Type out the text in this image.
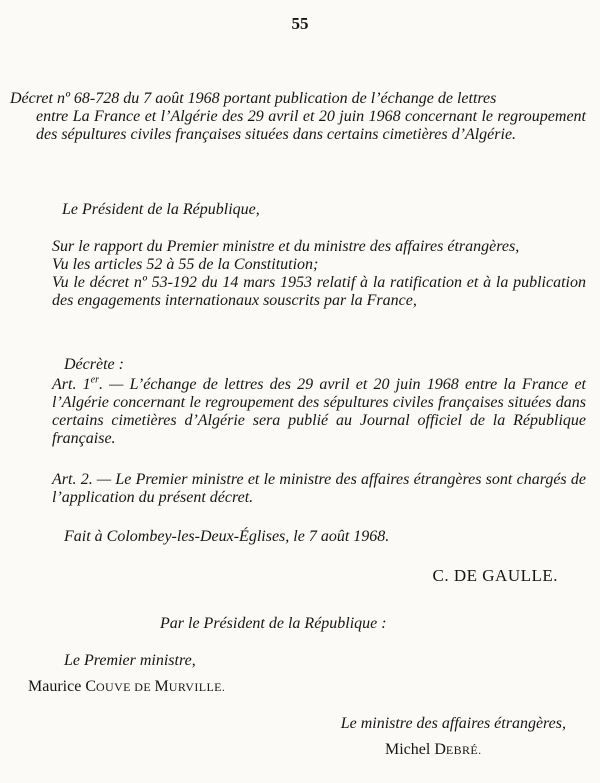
55
Décret nº 68-728 du 7 août 1968 portant publication de l’échange de lettres
entre La France et l’Algérie des 29 avril et 20 juin 1968 concernant le regroupement des sépultures civiles françaises situées dans certains cimetières d’Algérie.
Le Président de la République,
Sur le rapport du Premier ministre et du ministre des affaires étrangères,
Vu les articles 52 à 55 de la Constitution;
Vu le décret nº 53-192 du 14 mars 1953 relatif à la ratification et à la publication des engagements internationaux souscrits par la France,
Décrète :
Art. 1er. — L’échange de lettres des 29 avril et 20 juin 1968 entre la France et l’Algérie concernant le regroupement des sépultures civiles françaises situées dans certains cimetières d’Algérie sera publié au Journal officiel de la République française.
Art. 2. — Le Premier ministre et le ministre des affaires étrangères sont chargés de l’application du présent décret.
Fait à Colombey-les-Deux-Églises, le 7 août 1968.
C. DE GAULLE.
Par le Président de la République :
Le Premier ministre,
Maurice COUVE DE MURVILLE.
Le ministre des affaires étrangères,
Michel DEBRÉ.
